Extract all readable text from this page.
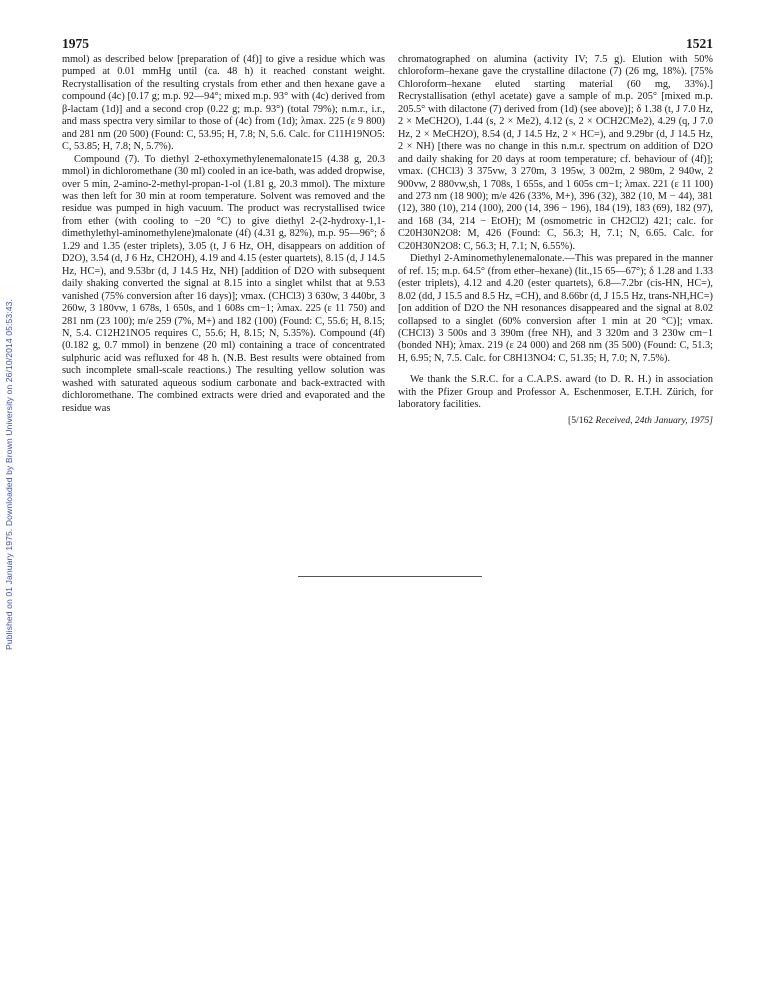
Published on 01 January 1975. Downloaded by Brown University on 26/10/2014 05:53:43.
1975	1521

mmol) as described below [preparation of (4f)] to give a residue which was pumped at 0.01 mmHg until (ca. 48 h) it reached constant weight. Recrystallisation of the resulting crystals from ether and then hexane gave a compound (4c) [0.17 g; m.p. 92—94°; mixed m.p. 93° with (4c) derived from β-lactam (1d)] and a second crop (0.22 g; m.p. 93°) (total 79%); n.m.r., i.r., and mass spectra very similar to those of (4c) from (1d); λmax. 225 (ε 9 800) and 281 nm (20 500) (Found: C, 53.95; H, 7.8; N, 5.6. Calc. for C11H19NO5: C, 53.85; H, 7.8; N, 5.7%).

Compound (7). To diethyl 2-ethoxymethylenemalonate15 (4.38 g, 20.3 mmol) in dichloromethane (30 ml) cooled in an ice-bath, was added dropwise, over 5 min, 2-amino-2-methyl-propan-1-ol (1.81 g, 20.3 mmol). The mixture was then left for 30 min at room temperature. Solvent was removed and the residue was pumped in high vacuum. The product was recrystallised twice from ether (with cooling to −20 °C) to give diethyl 2-(2-hydroxy-1,1-dimethylethyl-aminomethylene)malonate (4f) (4.31 g, 82%), m.p. 95—96°; δ 1.29 and 1.35 (ester triplets), 3.05 (t, J 6 Hz, OH, disappears on addition of D2O), 3.54 (d, J 6 Hz, CH2OH), 4.19 and 4.15 (ester quartets), 8.15 (d, J 14.5 Hz, HC=), and 9.53br (d, J 14.5 Hz, NH) [addition of D2O with subsequent daily shaking converted the signal at 8.15 into a singlet whilst that at 9.53 vanished (75% conversion after 16 days)]; νmax. (CHCl3) 3 630w, 3 440br, 3 260w, 3 180vw, 1 678s, 1 650s, and 1 608s cm−1; λmax. 225 (ε 11 750) and 281 nm (23 100); m/e 259 (7%, M+) and 182 (100) (Found: C, 55.6; H, 8.15; N, 5.4. C12H21NO5 requires C, 55.6; H, 8.15; N, 5.35%). Compound (4f) (0.182 g, 0.7 mmol) in benzene (20 ml) containing a trace of concentrated sulphuric acid was refluxed for 48 h. (N.B. Best results were obtained from such incomplete small-scale reactions.) The resulting yellow solution was washed with saturated aqueous sodium carbonate and back-extracted with dichloromethane. The combined extracts were dried and evaporated and the residue was

chromatographed on alumina (activity IV; 7.5 g). Elution with 50% chloroform–hexane gave the crystalline dilactone (7) (26 mg, 18%). [75% Chloroform–hexane eluted starting material (60 mg, 33%).] Recrystallisation (ethyl acetate) gave a sample of m.p. 205° [mixed m.p. 205.5° with dilactone (7) derived from (1d) (see above)]; δ 1.38 (t, J 7.0 Hz, 2 × MeCH2O), 1.44 (s, 2 × Me2), 4.12 (s, 2 × OCH2CMe2), 4.29 (q, J 7.0 Hz, 2 × MeCH2O), 8.54 (d, J 14.5 Hz, 2 × HC=), and 9.29br (d, J 14.5 Hz, 2 × NH) [there was no change in this n.m.r. spectrum on addition of D2O and daily shaking for 20 days at room temperature; cf. behaviour of (4f)]; νmax. (CHCl3) 3 375vw, 3 270m, 3 195w, 3 002m, 2 980m, 2 940w, 2 900vw, 2 880vw,sh, 1 708s, 1 655s, and 1 605s cm−1; λmax. 221 (ε 11 100) and 273 nm (18 900); m/e 426 (33%, M+), 396 (32), 382 (10, M − 44), 381 (12), 380 (10), 214 (100), 200 (14, 396 − 196), 184 (19), 183 (69), 182 (97), and 168 (34, 214 − EtOH); M (osmometric in CH2Cl2) 421; calc. for C20H30N2O8: M, 426 (Found: C, 56.3; H, 7.1; N, 6.65. Calc. for C20H30N2O8: C, 56.3; H, 7.1; N, 6.55%).

Diethyl 2-Aminomethylenemalonate.—This was prepared in the manner of ref. 15; m.p. 64.5° (from ether–hexane) (lit.,15 65—67°); δ 1.28 and 1.33 (ester triplets), 4.12 and 4.20 (ester quartets), 6.8—7.2br (cis-HN, HC=), 8.02 (dd, J 15.5 and 8.5 Hz, =CH), and 8.66br (d, J 15.5 Hz, trans-NH,HC=) [on addition of D2O the NH resonances disappeared and the signal at 8.02 collapsed to a singlet (60% conversion after 1 min at 20 °C)]; νmax. (CHCl3) 3 500s and 3 390m (free NH), and 3 320m and 3 230w cm−1 (bonded NH); λmax. 219 (ε 24 000) and 268 nm (35 500) (Found: C, 51.3; H, 6.95; N, 7.5. Calc. for C8H13NO4: C, 51.35; H, 7.0; N, 7.5%).

We thank the S.R.C. for a C.A.P.S. award (to D. R. H.) in association with the Pfizer Group and Professor A. Eschenmoser, E.T.H. Zürich, for laboratory facilities.

[5/162 Received, 24th January, 1975]
